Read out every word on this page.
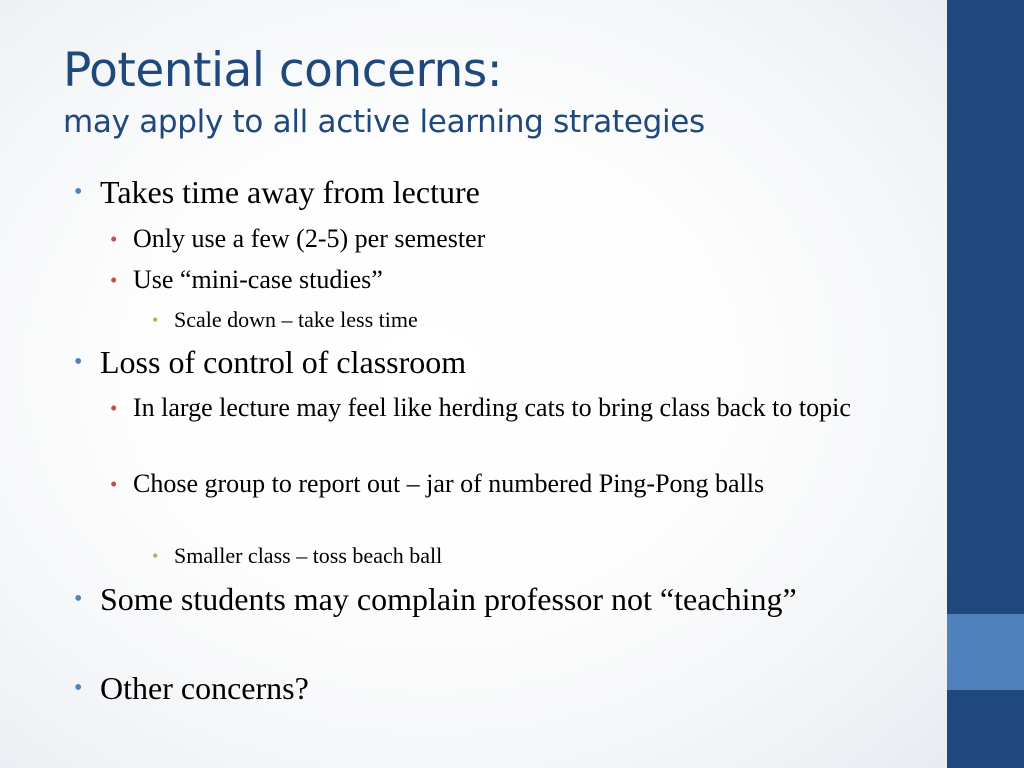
Potential concerns:
may apply to all active learning strategies

• Takes time away from lecture

• Only use a few (2-5) per semester

• Use “mini-case studies”

• Scale down – take less time

• Loss of control of classroom

• In large lecture may feel like herding cats to bring class back to topic

• Chose group to report out – jar of numbered Ping-Pong balls

• Smaller class – toss beach ball

• Some students may complain professor not “teaching”

• Other concerns?
